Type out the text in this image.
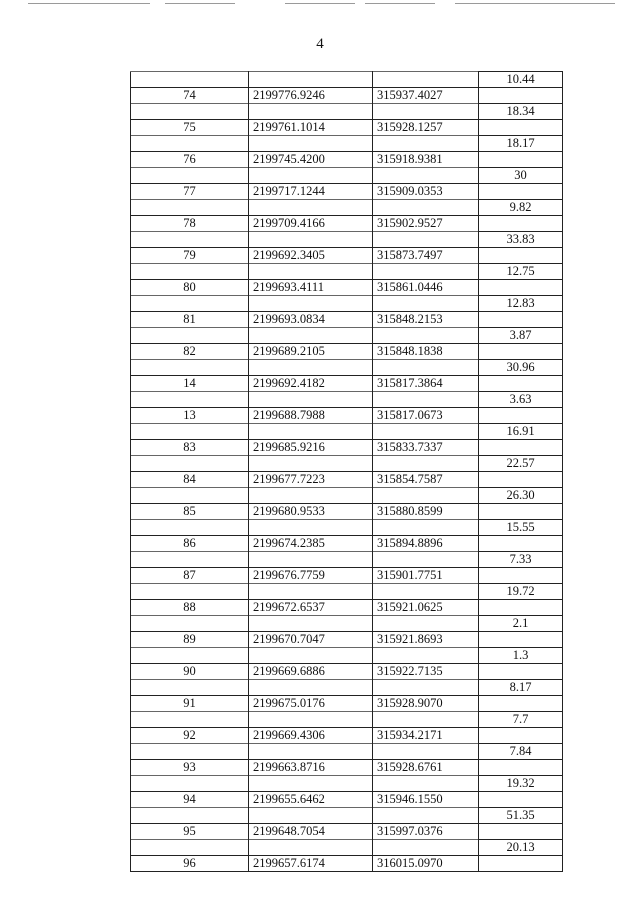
4
			10.44
74	2199776.9246	315937.4027	
			18.34
75	2199761.1014	315928.1257	
			18.17
76	2199745.4200	315918.9381	
			30
77	2199717.1244	315909.0353	
			9.82
78	2199709.4166	315902.9527	
			33.83
79	2199692.3405	315873.7497	
			12.75
80	2199693.4111	315861.0446	
			12.83
81	2199693.0834	315848.2153	
			3.87
82	2199689.2105	315848.1838	
			30.96
14	2199692.4182	315817.3864	
			3.63
13	2199688.7988	315817.0673	
			16.91
83	2199685.9216	315833.7337	
			22.57
84	2199677.7223	315854.7587	
			26.30
85	2199680.9533	315880.8599	
			15.55
86	2199674.2385	315894.8896	
			7.33
87	2199676.7759	315901.7751	
			19.72
88	2199672.6537	315921.0625	
			2.1
89	2199670.7047	315921.8693	
			1.3
90	2199669.6886	315922.7135	
			8.17
91	2199675.0176	315928.9070	
			7.7
92	2199669.4306	315934.2171	
			7.84
93	2199663.8716	315928.6761	
			19.32
94	2199655.6462	315946.1550	
			51.35
95	2199648.7054	315997.0376	
			20.13
96	2199657.6174	316015.0970	
